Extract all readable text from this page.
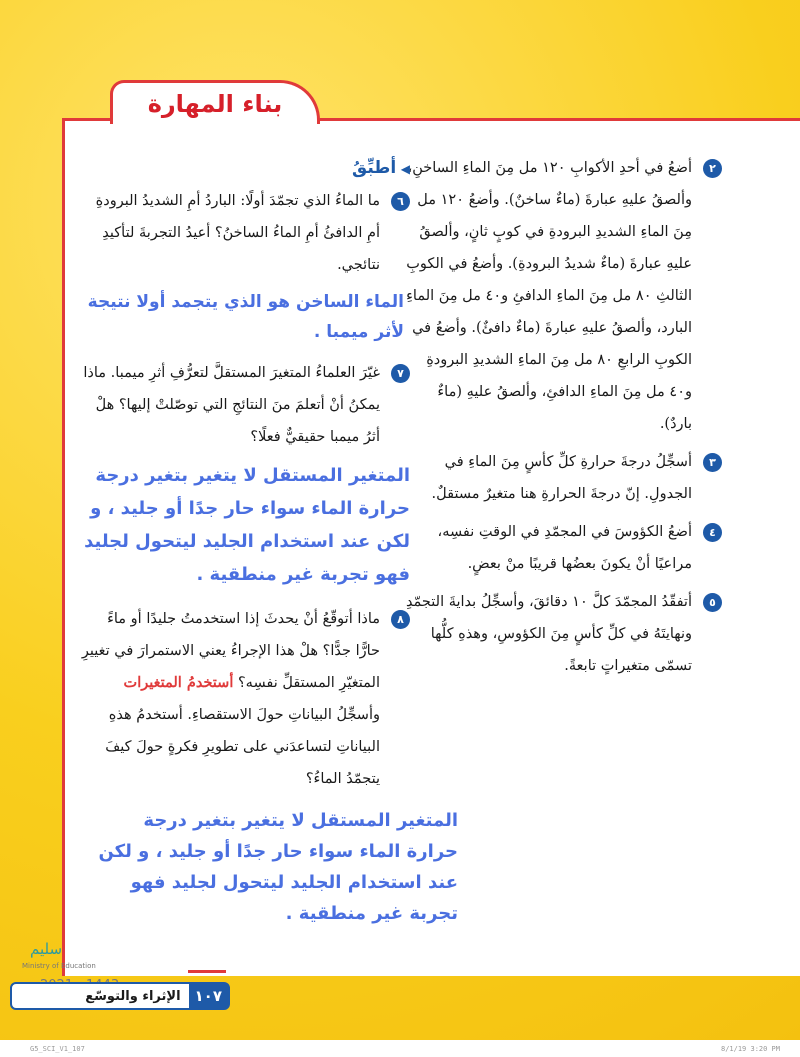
بناء المهارة
٢
أضعُ في أحدِ الأكوابِ ١٢٠ مل مِنَ الماءِ الساخنِ، وألصقُ عليهِ عبارةَ (ماءٌ ساخنٌ). وأضعُ ١٢٠ مل مِنَ الماءِ الشديدِ البرودةِ في كوبٍ ثانٍ، وألصقُ عليهِ عبارةَ (ماءٌ شديدُ البرودةِ). وأضعُ في الكوبِ الثالثِ ٨٠ مل مِنَ الماءِ الدافئِ و٤٠ مل مِنَ الماءِ البارد، وألصقُ عليهِ عبارةَ (ماءٌ دافئٌ). وأضعُ في الكوبِ الرابعِ ٨٠ مل مِنَ الماءِ الشديدِ البرودةِ و٤٠ مل مِنَ الماءِ الدافئِ، وألصقُ عليهِ (ماءٌ باردٌ).
٣
أسجِّلُ درجةَ حرارةِ كلِّ كأسٍ مِنَ الماءِ في الجدولِ. إنّ درجةَ الحرارةِ هنا متغيرٌ مستقلٌ.
٤
أضعُ الكؤوسَ في المجمّدِ في الوقتِ نفسِه، مراعيًا أنْ يكونَ بعضُها قريبًا منْ بعضٍ.
٥
أتفقّدُ المجمّدَ كلَّ ١٠ دقائقَ، وأسجِّلُ بدايةَ التجمّدِ ونهايتَهُ في كلِّ كأسٍ مِنَ الكؤوسِ، وهذهِ كلُّها تسمّى متغيراتٍ تابعةً.
◀ أطبِّقُ
٦
ما الماءُ الذي تجمّدَ أولًا: الباردُ أمِ الشديدُ البرودةِ أمِ الدافئُ أمِ الماءُ الساخنُ؟ أعيدُ التجربةَ لتأكيدِ نتائجي.
الماء الساخن هو الذي يتجمد أولا نتيجة لأثر ميمبا .
٧
غيّرَ العلماءُ المتغيرَ المستقلَّ لتعرُّفِ أثرِ ميمبا. ماذا يمكنُ أنْ أتعلمَ منَ النتائجِ التي توصّلتْ إليها؟ هلْ أثرُ ميمبا حقيقيٌّ فعلًا؟
المتغير المستقل لا يتغير بتغير درجة حرارة الماء سواء حار جدًا أو جليد ، و لكن عند استخدام الجليد ليتحول لجليد فهو تجربة غير منطقية .
٨
ماذا أتوقّعُ أنْ يحدثَ إذا استخدمتُ جليدًا أو ماءً حارًّا جدًّا؟ هلْ هذا الإجراءُ يعني الاستمرارَ في تغييرِ المتغيّرِ المستقلِّ نفسِه؟ أستخدمُ المتغيرات وأسجِّلُ البياناتِ حولَ الاستقصاءِ. أستخدمُ هذهِ البياناتِ لتساعدَني على تطويرِ فكرةٍ حولَ كيفَ يتجمّدُ الماءُ؟
المتغير المستقل لا يتغير بتغير درجة حرارة الماء سواء حار جدًا أو جليد ، و لكن عند استخدام الجليد ليتحول لجليد فهو تجربة غير منطقية .
سليم
Ministry of Education
الإثراء والتوسّع ١٠٧
G5_SCI_V1_107	8/1/19 3:20 PM
